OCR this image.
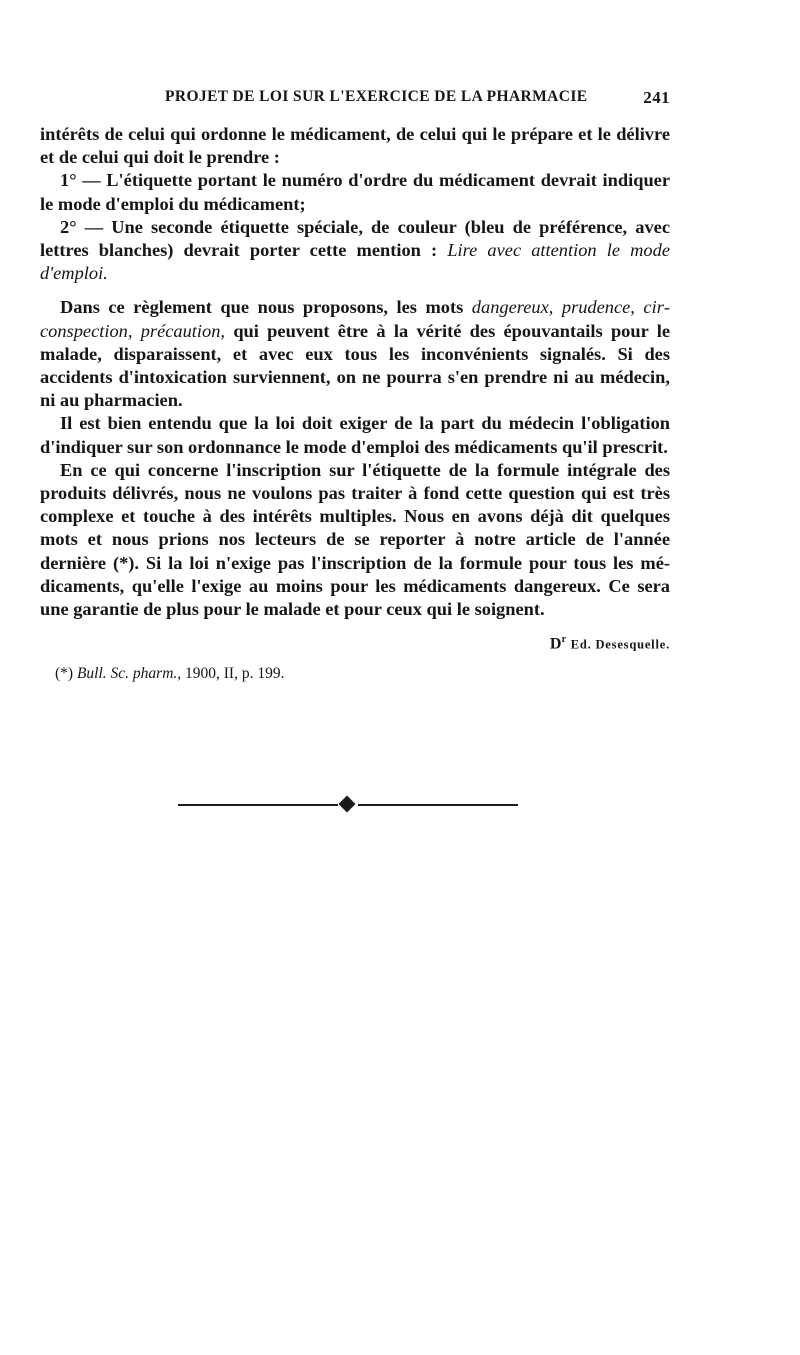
PROJET DE LOI SUR L'EXERCICE DE LA PHARMACIE	241

intérêts de celui qui ordonne le médicament, de celui qui le prépare et le délivre et de celui qui doit le prendre :

1° — L'étiquette portant le numéro d'ordre du médicament devrait indiquer le mode d'emploi du médicament;

2° — Une seconde étiquette spéciale, de couleur (bleu de préférence, avec lettres blanches) devrait porter cette mention : Lire avec attention le mode d'emploi.

Dans ce règlement que nous proposons, les mots dangereux, prudence, circonspection, précaution, qui peuvent être à la vérité des épouvantails pour le malade, disparaissent, et avec eux tous les inconvénients signalés. Si des accidents d'intoxication surviennent, on ne pourra s'en prendre ni au médecin, ni au pharmacien.

Il est bien entendu que la loi doit exiger de la part du médecin l'obligation d'indiquer sur son ordonnance le mode d'emploi des médicaments qu'il prescrit.

En ce qui concerne l'inscription sur l'étiquette de la formule intégrale des produits délivrés, nous ne voulons pas traiter à fond cette question qui est très complexe et touche à des intérêts multiples. Nous en avons déjà dit quelques mots et nous prions nos lecteurs de se reporter à notre article de l'année dernière (*). Si la loi n'exige pas l'inscription de la formule pour tous les médicaments, qu'elle l'exige au moins pour les médicaments dangereux. Ce sera une garantie de plus pour le malade et pour ceux qui le soignent.

$D^r$ Ed. Desesquelle.
(*) Bull. Sc. pharm., 1900, II, p. 199.
